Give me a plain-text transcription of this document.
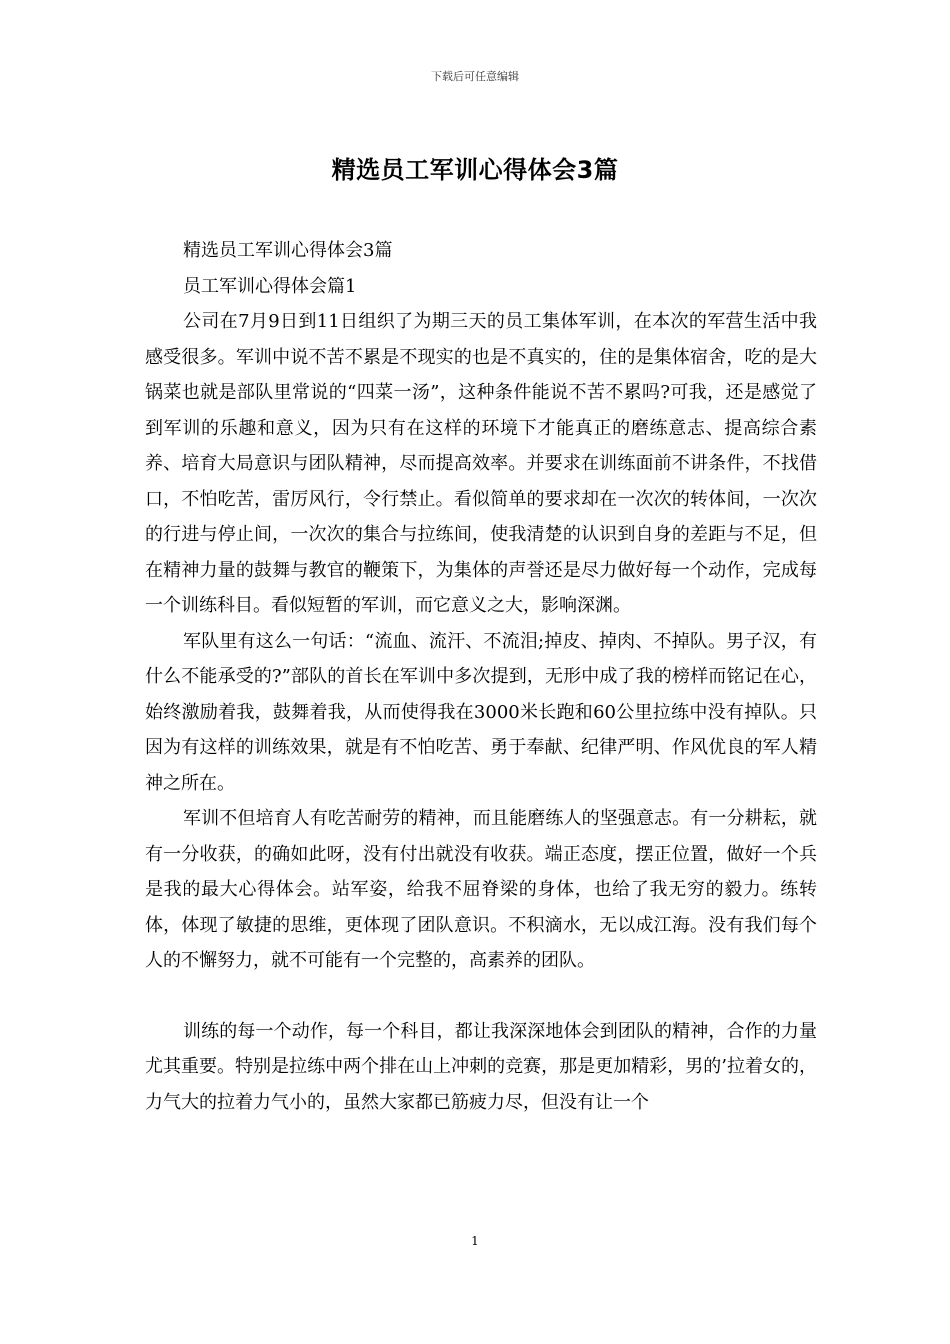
下载后可任意编辑
精选员工军训心得体会3篇

精选员工军训心得体会3篇

员工军训心得体会篇1

公司在7月9日到11日组织了为期三天的员工集体军训，在本次的军营生活中我感受很多。军训中说不苦不累是不现实的也是不真实的，住的是集体宿舍，吃的是大锅菜也就是部队里常说的“四菜一汤”，这种条件能说不苦不累吗?可我，还是感觉了到军训的乐趣和意义，因为只有在这样的环境下才能真正的磨练意志、提高综合素养、培育大局意识与团队精神，尽而提高效率。并要求在训练面前不讲条件，不找借口，不怕吃苦，雷厉风行，令行禁止。看似简单的要求却在一次次的转体间，一次次的行进与停止间，一次次的集合与拉练间，使我清楚的认识到自身的差距与不足，但在精神力量的鼓舞与教官的鞭策下，为集体的声誉还是尽力做好每一个动作，完成每一个训练科目。看似短暂的军训，而它意义之大，影响深渊。

军队里有这么一句话：“流血、流汗、不流泪;掉皮、掉肉、不掉队。男子汉，有什么不能承受的?”部队的首长在军训中多次提到，无形中成了我的榜样而铭记在心，始终激励着我，鼓舞着我，从而使得我在3000米长跑和60公里拉练中没有掉队。只因为有这样的训练效果，就是有不怕吃苦、勇于奉献、纪律严明、作风优良的军人精神之所在。

军训不但培育人有吃苦耐劳的精神，而且能磨练人的坚强意志。有一分耕耘，就有一分收获，的确如此呀，没有付出就没有收获。端正态度，摆正位置，做好一个兵是我的最大心得体会。站军姿，给我不屈脊梁的身体，也给了我无穷的毅力。练转体，体现了敏捷的思维，更体现了团队意识。不积滴水，无以成江海。没有我们每个人的不懈努力，就不可能有一个完整的，高素养的团队。

训练的每一个动作，每一个科目，都让我深深地体会到团队的精神，合作的力量尤其重要。特别是拉练中两个排在山上冲刺的竞赛，那是更加精彩，男的’拉着女的，力气大的拉着力气小的，虽然大家都已筋疲力尽，但没有让一个

1
